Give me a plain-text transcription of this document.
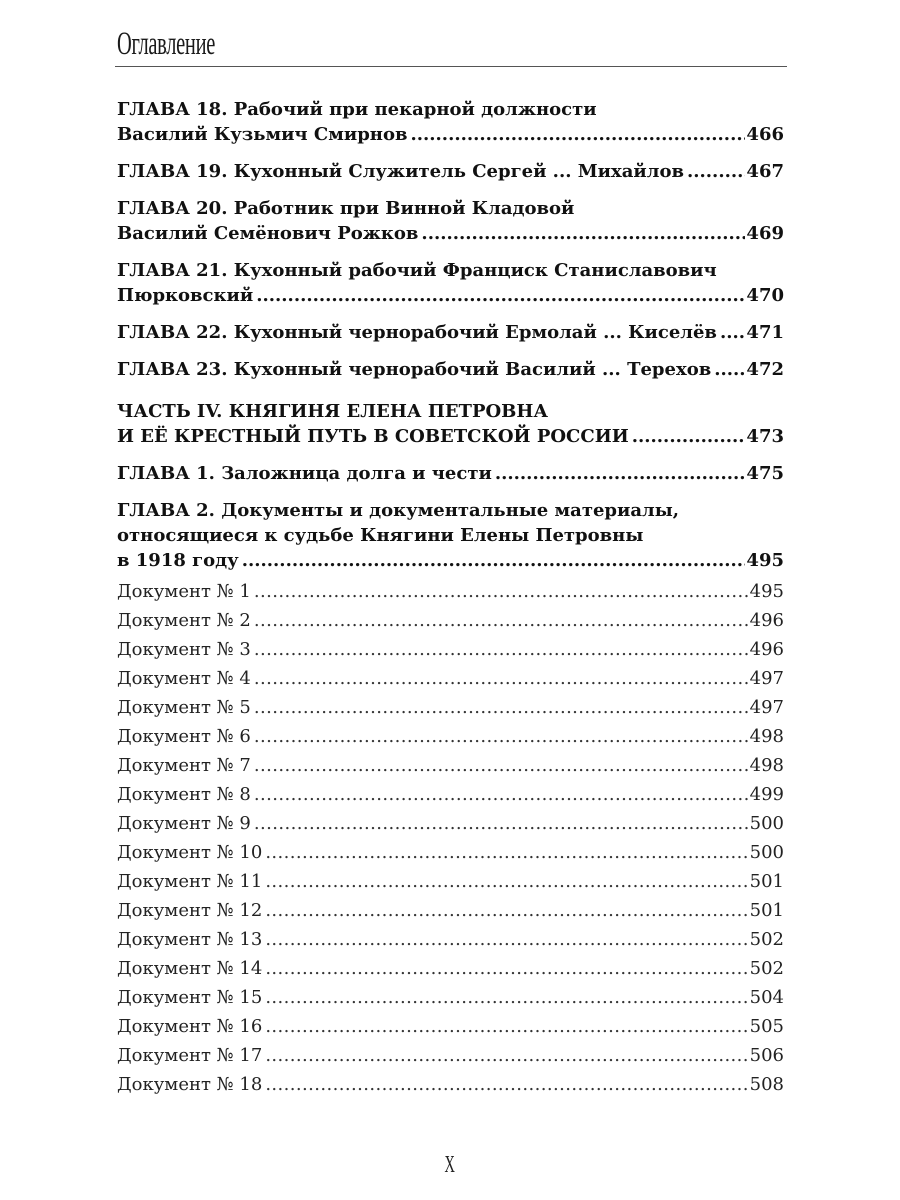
Оглавление
ГЛАВА 18. Рабочий при пекарной должности
Василий Кузьмич Смирнов .....	466
ГЛАВА 19. Кухонный Служитель Сергей ... Михайлов .....	467
ГЛАВА 20. Работник при Винной Кладовой
Василий Семёнович Рожков .....	469
ГЛАВА 21. Кухонный рабочий Франциск Станиславович
Пюрковский .....	470
ГЛАВА 22. Кухонный чернорабочий Ермолай ... Киселёв ..... 471
ГЛАВА 23. Кухонный чернорабочий Василий ... Терехов ..... 472
ЧАСТЬ IV. КНЯГИНЯ ЕЛЕНА ПЕТРОВНА
И ЕЁ КРЕСТНЫЙ ПУТЬ В СОВЕТСКОЙ РОССИИ .....	473
ГЛАВА 1. Заложница долга и чести .....	475
ГЛАВА 2. Документы и документальные материалы,
относящиеся к судьбе Княгини Елены Петровны
в 1918 году .....	495
Документ № 1 .....	495
Документ № 2 .....	496
Документ № 3 .....	496
Документ № 4 .....	497
Документ № 5 .....	497
Документ № 6 .....	498
Документ № 7 .....	498
Документ № 8 .....	499
Документ № 9 .....	500
Документ № 10 .....	500
Документ № 11 .....	501
Документ № 12 .....	501
Документ № 13 .....	502
Документ № 14 .....	502
Документ № 15 .....	504
Документ № 16 .....	505
Документ № 17 .....	506
Документ № 18 .....	508
X
